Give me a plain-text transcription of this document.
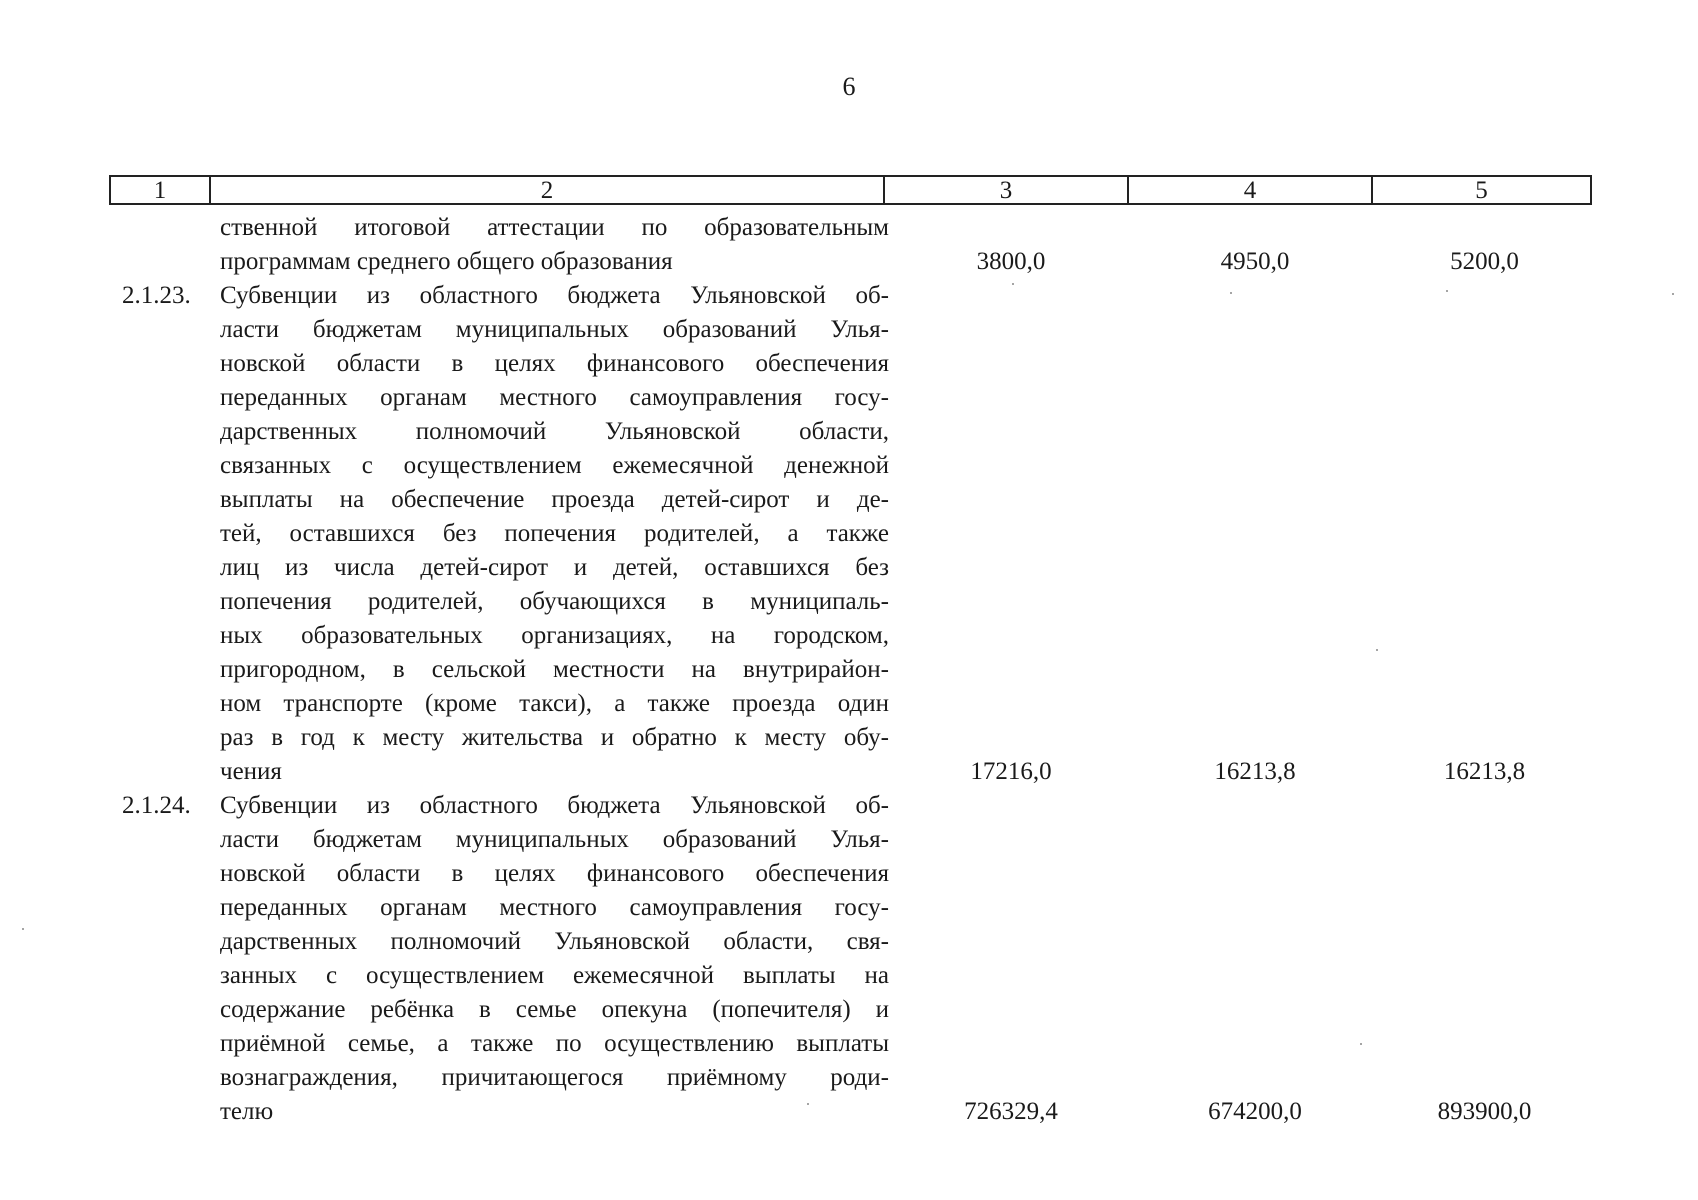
6
1	2	3	4	5
ственной итоговой аттестации по образовательным
программам среднего общего образования	3800,0	4950,0	5200,0
2.1.23.	Субвенции из областного бюджета Ульяновской об-
ласти бюджетам муниципальных образований Улья-
новской области в целях финансового обеспечения
переданных органам местного самоуправления госу-
дарственных полномочий Ульяновской области,
связанных с осуществлением ежемесячной денежной
выплаты на обеспечение проезда детей-сирот и де-
тей, оставшихся без попечения родителей, а также
лиц из числа детей-сирот и детей, оставшихся без
попечения родителей, обучающихся в муниципаль-
ных образовательных организациях, на городском,
пригородном, в сельской местности на внутрирайон-
ном транспорте (кроме такси), а также проезда один
раз в год к месту жительства и обратно к месту обу-
чения	17216,0	16213,8	16213,8
2.1.24.	Субвенции из областного бюджета Ульяновской об-
ласти бюджетам муниципальных образований Улья-
новской области в целях финансового обеспечения
переданных органам местного самоуправления госу-
дарственных полномочий Ульяновской области, свя-
занных с осуществлением ежемесячной выплаты на
содержание ребёнка в семье опекуна (попечителя) и
приёмной семье, а также по осуществлению выплаты
вознаграждения, причитающегося приёмному роди-
телю	726329,4	674200,0	893900,0
